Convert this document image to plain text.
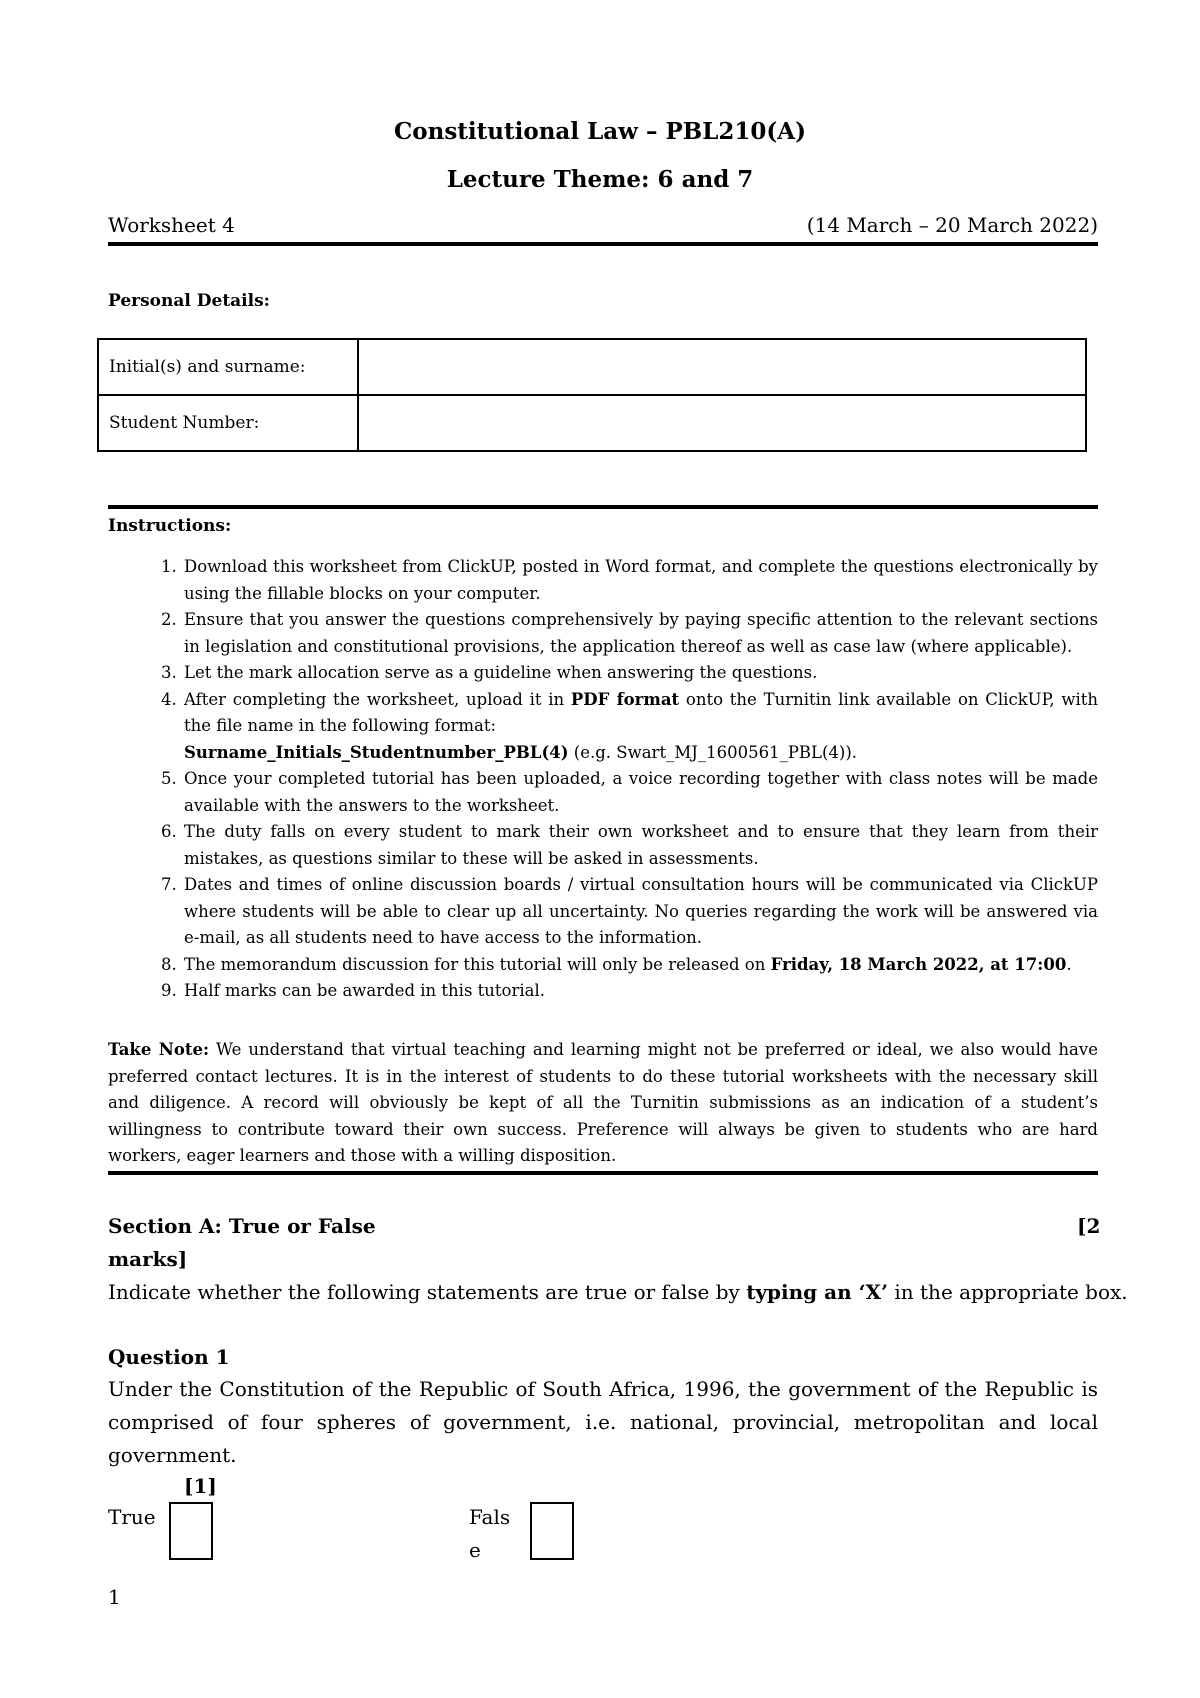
Constitutional Law – PBL210(A)
Lecture Theme: 6 and 7
Worksheet 4	(14 March – 20 March 2022)
Personal Details:
Initial(s) and surname:	
Student Number:	
Instructions:
1. Download this worksheet from ClickUP, posted in Word format, and complete the questions electronically by using the fillable blocks on your computer.
2. Ensure that you answer the questions comprehensively by paying specific attention to the relevant sections in legislation and constitutional provisions, the application thereof as well as case law (where applicable).
3. Let the mark allocation serve as a guideline when answering the questions.
4. After completing the worksheet, upload it in PDF format onto the Turnitin link available on ClickUP, with the file name in the following format:
Surname_Initials_Studentnumber_PBL(4) (e.g. Swart_MJ_1600561_PBL(4)).
5. Once your completed tutorial has been uploaded, a voice recording together with class notes will be made available with the answers to the worksheet.
6. The duty falls on every student to mark their own worksheet and to ensure that they learn from their mistakes, as questions similar to these will be asked in assessments.
7. Dates and times of online discussion boards / virtual consultation hours will be communicated via ClickUP where students will be able to clear up all uncertainty. No queries regarding the work will be answered via e-mail, as all students need to have access to the information.
8. The memorandum discussion for this tutorial will only be released on Friday, 18 March 2022, at 17:00.
9. Half marks can be awarded in this tutorial.
Take Note: We understand that virtual teaching and learning might not be preferred or ideal, we also would have preferred contact lectures. It is in the interest of students to do these tutorial worksheets with the necessary skill and diligence. A record will obviously be kept of all the Turnitin submissions as an indication of a student’s willingness to contribute toward their own success. Preference will always be given to students who are hard workers, eager learners and those with a willing disposition.
Section A: True or False	[2
marks]
Indicate whether the following statements are true or false by typing an ‘X’ in the appropriate box.
Question 1
Under the Constitution of the Republic of South Africa, 1996, the government of the Republic is comprised of four spheres of government, i.e. national, provincial, metropolitan and local government.
[1]
True	Fals
e
1
